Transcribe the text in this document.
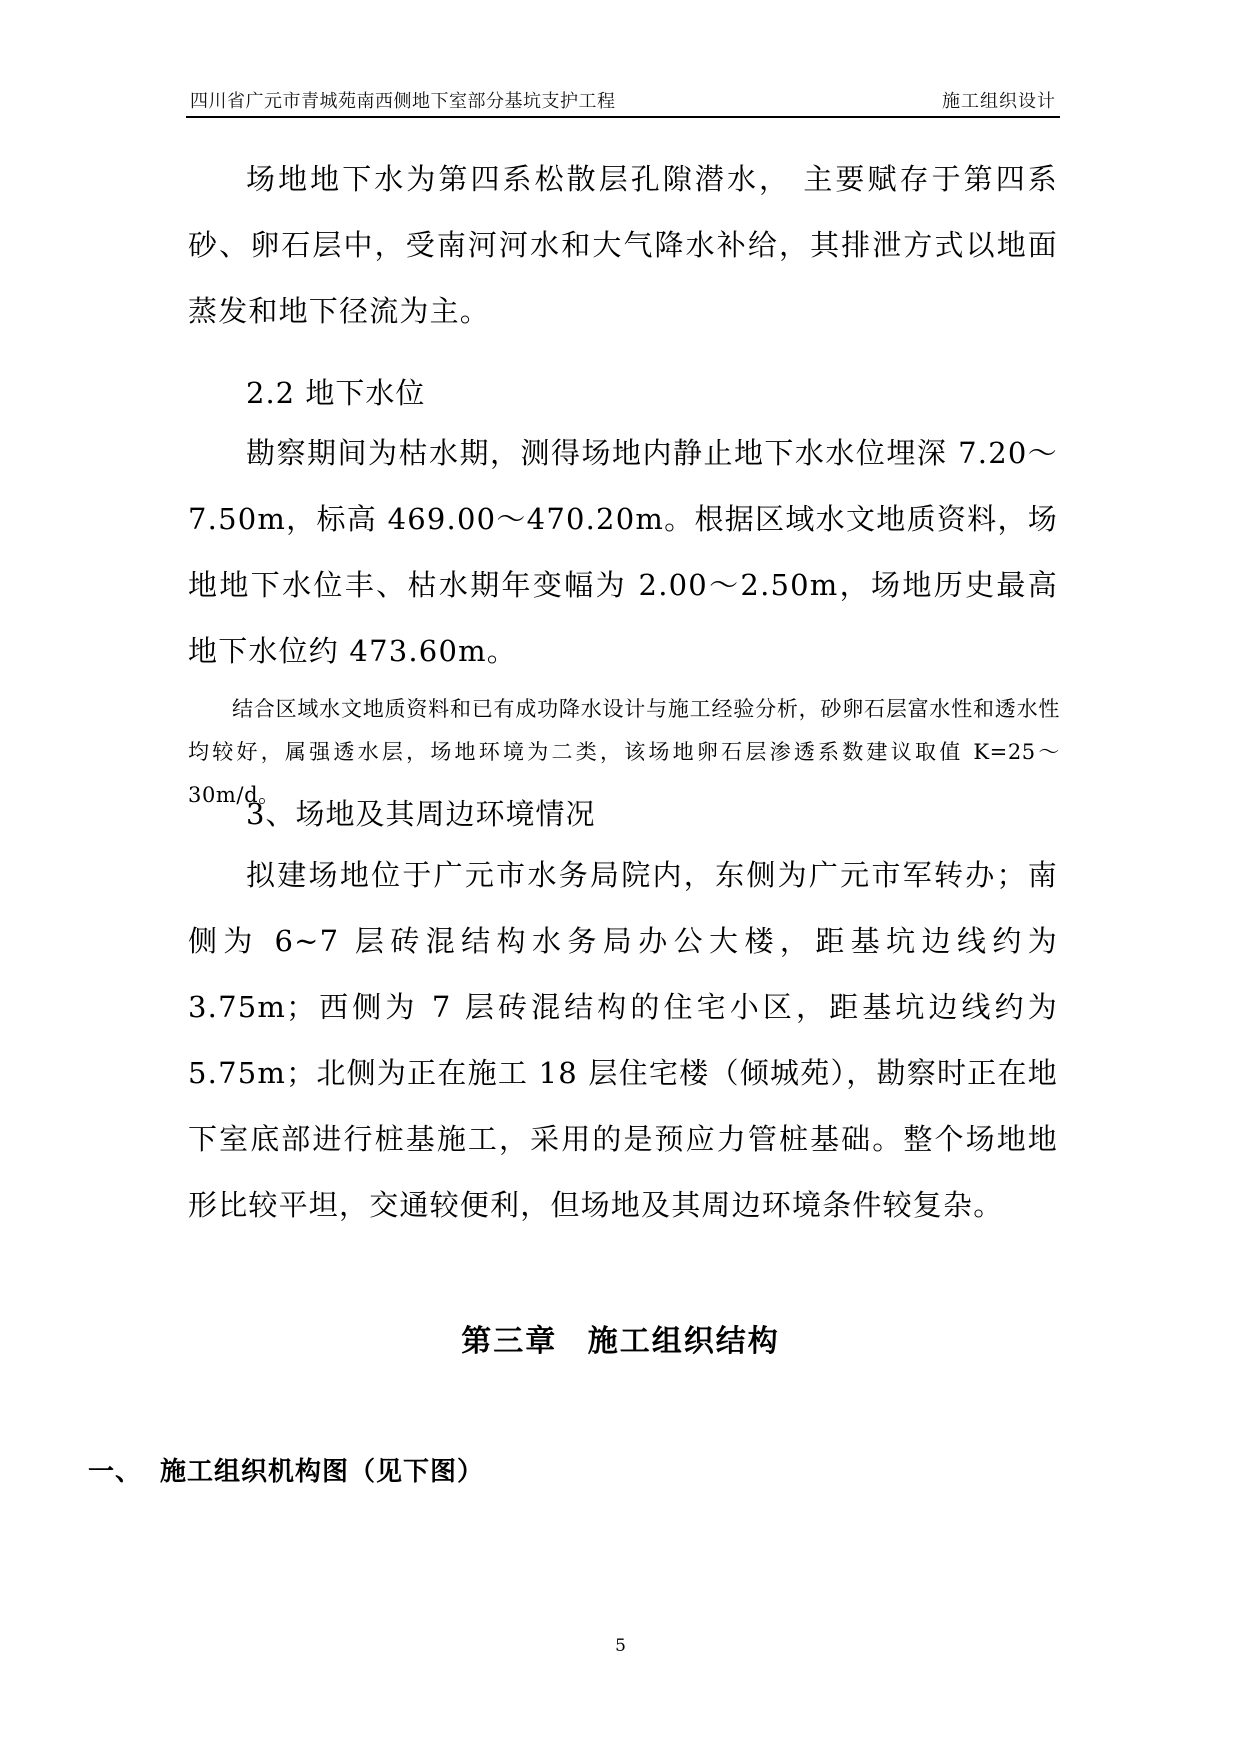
四川省广元市青城苑南西侧地下室部分基坑支护工程	施工组织设计

场地地下水为第四系松散层孔隙潜水， 主要赋存于第四系砂、卵石层中，受南河河水和大气降水补给，其排泄方式以地面蒸发和地下径流为主。

2.2 地下水位

勘察期间为枯水期，测得场地内静止地下水水位埋深 7.20～7.50m，标高 469.00～470.20m。根据区域水文地质资料，场地地下水位丰、枯水期年变幅为 2.00～2.50m，场地历史最高地下水位约 473.60m。

结合区域水文地质资料和已有成功降水设计与施工经验分析，砂卵石层富水性和透水性均较好，属强透水层，场地环境为二类，该场地卵石层渗透系数建议取值 K=25～30m/d。

3、场地及其周边环境情况

拟建场地位于广元市水务局院内，东侧为广元市军转办；南侧为 6~7 层砖混结构水务局办公大楼，距基坑边线约为 3.75m；西侧为 7 层砖混结构的住宅小区，距基坑边线约为 5.75m；北侧为正在施工 18 层住宅楼（倾城苑），勘察时正在地下室底部进行桩基施工，采用的是预应力管桩基础。整个场地地形比较平坦，交通较便利，但场地及其周边环境条件较复杂。

第三章 施工组织结构
一、 施工组织机构图（见下图）
5
